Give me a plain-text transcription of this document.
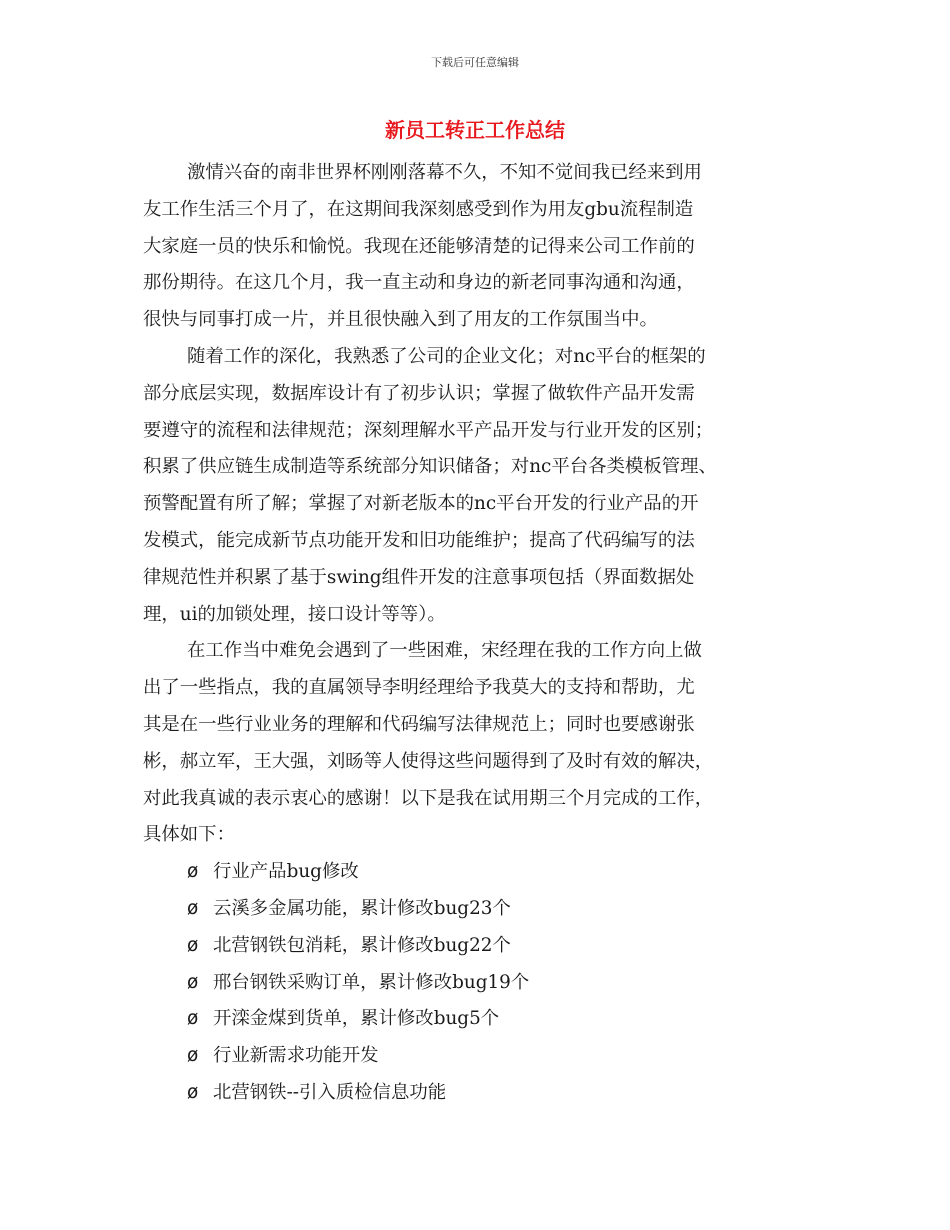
下载后可任意编辑
新员工转正工作总结
激情兴奋的南非世界杯刚刚落幕不久，不知不觉间我已经来到用
友工作生活三个月了，在这期间我深刻感受到作为用友gbu流程制造
大家庭一员的快乐和愉悦。我现在还能够清楚的记得来公司工作前的
那份期待。在这几个月，我一直主动和身边的新老同事沟通和沟通，
很快与同事打成一片，并且很快融入到了用友的工作氛围当中。
随着工作的深化，我熟悉了公司的企业文化；对nc平台的框架的
部分底层实现，数据库设计有了初步认识；掌握了做软件产品开发需
要遵守的流程和法律规范；深刻理解水平产品开发与行业开发的区别；
积累了供应链生成制造等系统部分知识储备；对nc平台各类模板管理、
预警配置有所了解；掌握了对新老版本的nc平台开发的行业产品的开
发模式，能完成新节点功能开发和旧功能维护；提高了代码编写的法
律规范性并积累了基于swing组件开发的注意事项包括（界面数据处
理，ui的加锁处理，接口设计等等）。
在工作当中难免会遇到了一些困难，宋经理在我的工作方向上做
出了一些指点，我的直属领导李明经理给予我莫大的支持和帮助，尤
其是在一些行业业务的理解和代码编写法律规范上；同时也要感谢张
彬，郝立军，王大强，刘旸等人使得这些问题得到了及时有效的解决，
对此我真诚的表示衷心的感谢！以下是我在试用期三个月完成的工作，
具体如下：
ø 行业产品bug修改
ø 云溪多金属功能，累计修改bug23个
ø 北营钢铁包消耗，累计修改bug22个
ø 邢台钢铁采购订单，累计修改bug19个
ø 开滦金煤到货单，累计修改bug5个
ø 行业新需求功能开发
ø 北营钢铁--引入质检信息功能
